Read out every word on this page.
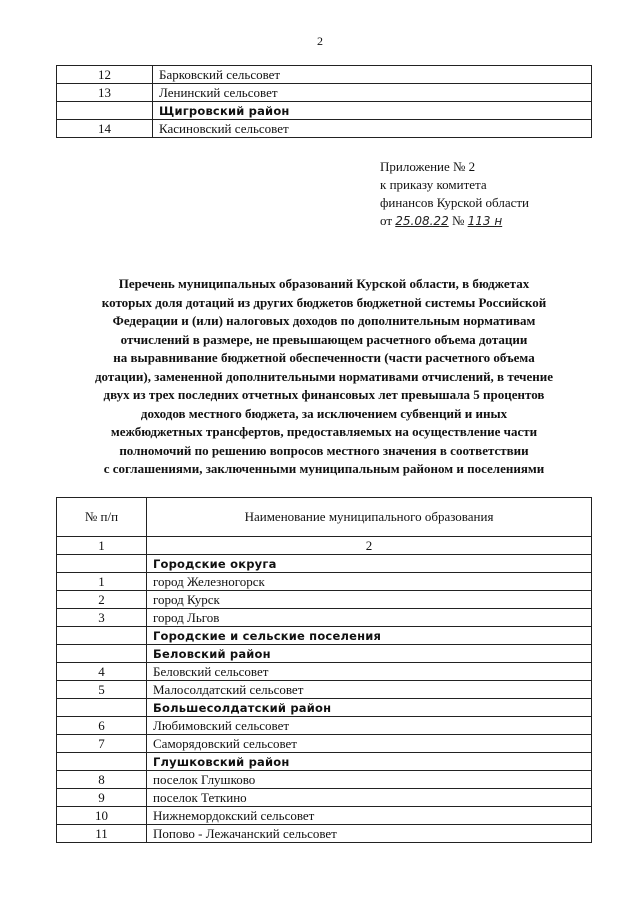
2
12	Барковский сельсовет
13	Ленинский сельсовет
	Щигровский район
14	Касиновский сельсовет
Приложение № 2
к приказу комитета
финансов Курской области
от 25.08.22 № 113 н
Перечень муниципальных образований Курской области, в бюджетах
которых доля дотаций из других бюджетов бюджетной системы Российской
Федерации и (или) налоговых доходов по дополнительным нормативам
отчислений в размере, не превышающем расчетного объема дотации
на выравнивание бюджетной обеспеченности (части расчетного объема
дотации), замененной дополнительными нормативами отчислений, в течение
двух из трех последних отчетных финансовых лет превышала 5 процентов
доходов местного бюджета, за исключением субвенций и иных
межбюджетных трансфертов, предоставляемых на осуществление части
полномочий по решению вопросов местного значения в соответствии
с соглашениями, заключенными муниципальным районом и поселениями
№ п/п	Наименование муниципального образования
1	2
	Городские округа
1	город Железногорск
2	город Курск
3	город Льгов
	Городские и сельские поселения
	Беловский район
4	Беловский сельсовет
5	Малосолдатский сельсовет
	Большесолдатский район
6	Любимовский сельсовет
7	Саморядовский сельсовет
	Глушковский район
8	поселок Глушково
9	поселок Теткино
10	Нижнемордокский сельсовет
11	Попово - Лежачанский сельсовет
